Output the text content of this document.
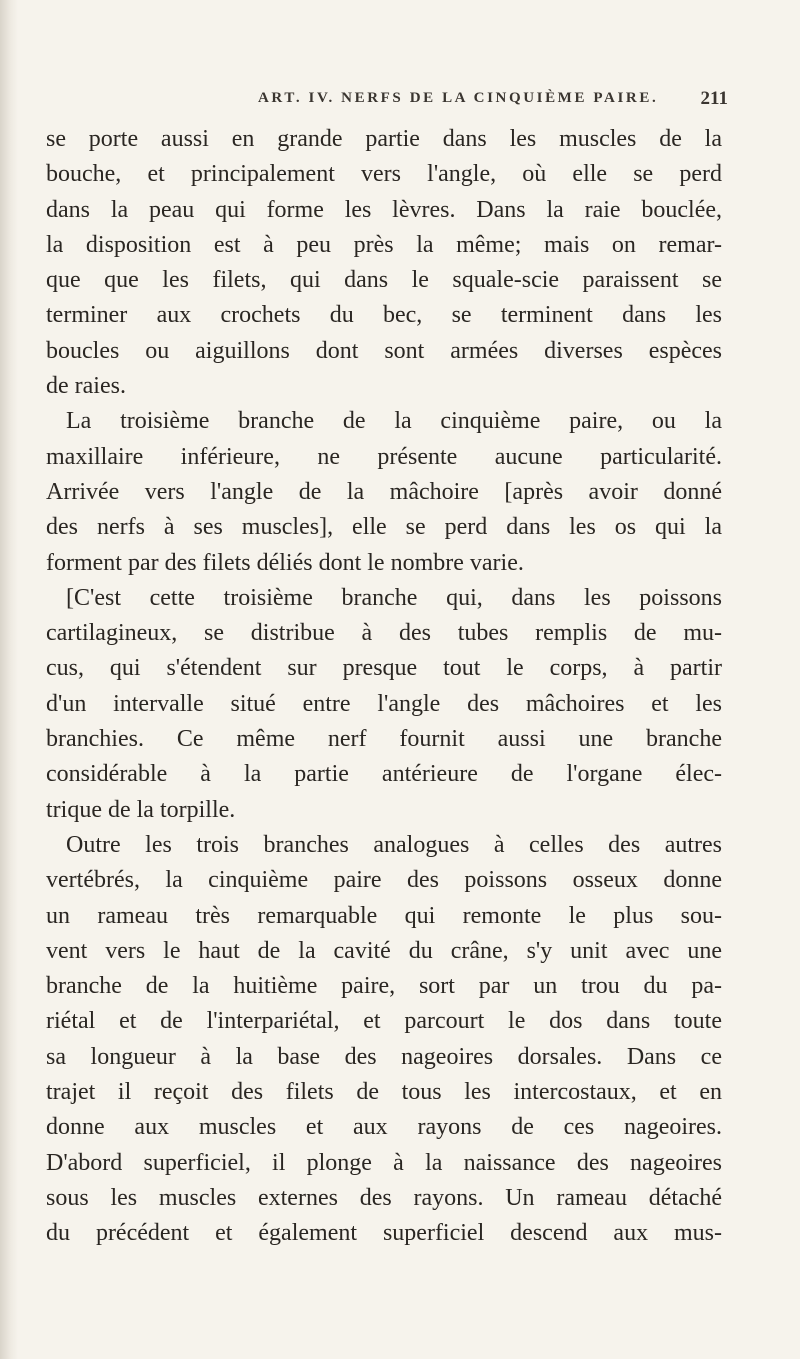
ART. IV. NERFS DE LA CINQUIÈME PAIRE. 211
se porte aussi en grande partie dans les muscles de la
bouche, et principalement vers l'angle, où elle se perd
dans la peau qui forme les lèvres. Dans la raie bouclée,
la disposition est à peu près la même; mais on remar-
que que les filets, qui dans le squale-scie paraissent se
terminer aux crochets du bec, se terminent dans les
boucles ou aiguillons dont sont armées diverses espèces
de raies.
La troisième branche de la cinquième paire, ou la
maxillaire inférieure, ne présente aucune particularité.
Arrivée vers l'angle de la mâchoire [après avoir donné
des nerfs à ses muscles], elle se perd dans les os qui la
forment par des filets déliés dont le nombre varie.
[C'est cette troisième branche qui, dans les poissons
cartilagineux, se distribue à des tubes remplis de mu-
cus, qui s'étendent sur presque tout le corps, à partir
d'un intervalle situé entre l'angle des mâchoires et les
branchies. Ce même nerf fournit aussi une branche
considérable à la partie antérieure de l'organe élec-
trique de la torpille.
Outre les trois branches analogues à celles des autres
vertébrés, la cinquième paire des poissons osseux donne
un rameau très remarquable qui remonte le plus sou-
vent vers le haut de la cavité du crâne, s'y unit avec une
branche de la huitième paire, sort par un trou du pa-
riétal et de l'interpariétal, et parcourt le dos dans toute
sa longueur à la base des nageoires dorsales. Dans ce
trajet il reçoit des filets de tous les intercostaux, et en
donne aux muscles et aux rayons de ces nageoires.
D'abord superficiel, il plonge à la naissance des nageoires
sous les muscles externes des rayons. Un rameau détaché
du précédent et également superficiel descend aux mus-
